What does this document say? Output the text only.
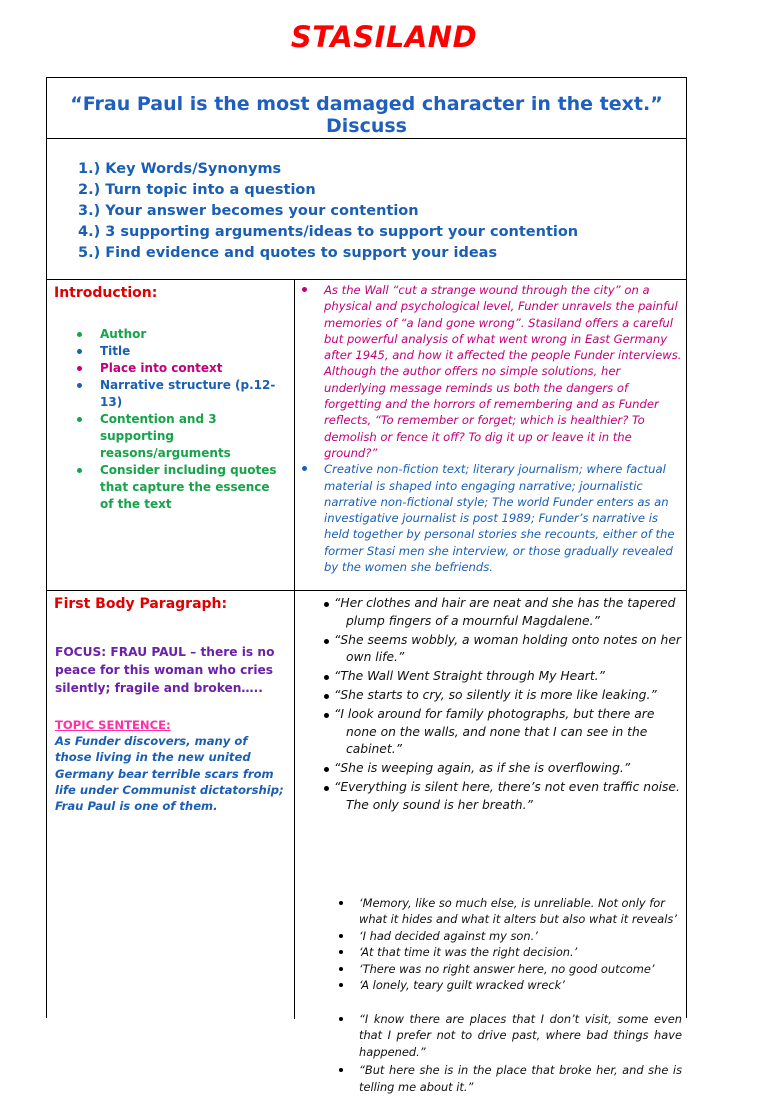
STASILAND
“Frau Paul is the most damaged character in the text.” Discuss
1.) Key Words/Synonyms
2.) Turn topic into a question
3.) Your answer becomes your contention
4.) 3 supporting arguments/ideas to support your contention
5.) Find evidence and quotes to support your ideas
Introduction:
Author
Title
Place into context
Narrative structure (p.12-13)
Contention and 3 supporting reasons/arguments
Consider including quotes that capture the essence of the text
As the Wall “cut a strange wound through the city” on a physical and psychological level, Funder unravels the painful memories of “a land gone wrong”. Stasiland offers a careful but powerful analysis of what went wrong in East Germany after 1945, and how it affected the people Funder interviews. Although the author offers no simple solutions, her underlying message reminds us both the dangers of forgetting and the horrors of remembering and as Funder reflects, “To remember or forget; which is healthier? To demolish or fence it off? To dig it up or leave it in the ground?”
Creative non-fiction text; literary journalism; where factual material is shaped into engaging narrative; journalistic narrative non-fictional style; The world Funder enters as an investigative journalist is post 1989; Funder’s narrative is held together by personal stories she recounts, either of the former Stasi men she interview, or those gradually revealed by the women she befriends.
First Body Paragraph:
FOCUS: FRAU PAUL – there is no peace for this woman who cries silently; fragile and broken…..
TOPIC SENTENCE:
As Funder discovers, many of those living in the new united Germany bear terrible scars from life under Communist dictatorship; Frau Paul is one of them.
“Her clothes and hair are neat and she has the tapered plump fingers of a mournful Magdalene.”
“She seems wobbly, a woman holding onto notes on her own life.”
“The Wall Went Straight through My Heart.”
“She starts to cry, so silently it is more like leaking.”
“I look around for family photographs, but there are none on the walls, and none that I can see in the cabinet.”
“She is weeping again, as if she is overflowing.”
“Everything is silent here, there’s not even traffic noise. The only sound is her breath.”
‘Memory, like so much else, is unreliable. Not only for what it hides and what it alters but also what it reveals’
‘I had decided against my son.’
‘At that time it was the right decision.’
‘There was no right answer here, no good outcome’
‘A lonely, teary guilt wracked wreck’
“I know there are places that I don’t visit, some even that I prefer not to drive past, where bad things have happened.”
“But here she is in the place that broke her, and she is telling me about it.”
